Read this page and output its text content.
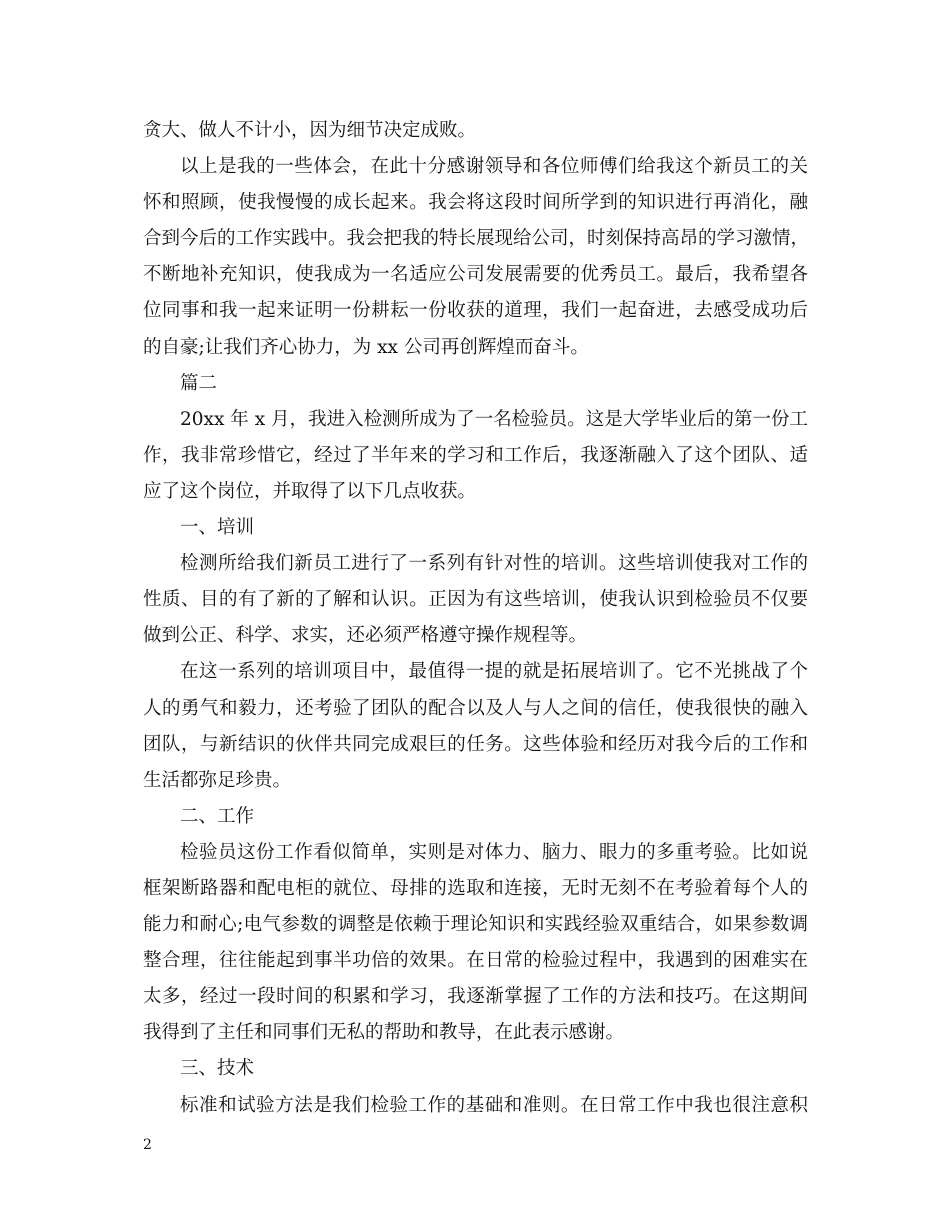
贪大、做人不计小，因为细节决定成败。
以上是我的一些体会，在此十分感谢领导和各位师傅们给我这个新员工的关
怀和照顾，使我慢慢的成长起来。我会将这段时间所学到的知识进行再消化，融
合到今后的工作实践中。我会把我的特长展现给公司，时刻保持高昂的学习激情，
不断地补充知识，使我成为一名适应公司发展需要的优秀员工。最后，我希望各
位同事和我一起来证明一份耕耘一份收获的道理，我们一起奋进，去感受成功后
的自豪;让我们齐心协力，为 xx 公司再创辉煌而奋斗。
篇二
20xx 年 x 月，我进入检测所成为了一名检验员。这是大学毕业后的第一份工
作，我非常珍惜它，经过了半年来的学习和工作后，我逐渐融入了这个团队、适
应了这个岗位，并取得了以下几点收获。
一、培训
检测所给我们新员工进行了一系列有针对性的培训。这些培训使我对工作的
性质、目的有了新的了解和认识。正因为有这些培训，使我认识到检验员不仅要
做到公正、科学、求实，还必须严格遵守操作规程等。
在这一系列的培训项目中，最值得一提的就是拓展培训了。它不光挑战了个
人的勇气和毅力，还考验了团队的配合以及人与人之间的信任，使我很快的融入
团队，与新结识的伙伴共同完成艰巨的任务。这些体验和经历对我今后的工作和
生活都弥足珍贵。
二、工作
检验员这份工作看似简单，实则是对体力、脑力、眼力的多重考验。比如说
框架断路器和配电柜的就位、母排的选取和连接，无时无刻不在考验着每个人的
能力和耐心;电气参数的调整是依赖于理论知识和实践经验双重结合，如果参数调
整合理，往往能起到事半功倍的效果。在日常的检验过程中，我遇到的困难实在
太多，经过一段时间的积累和学习，我逐渐掌握了工作的方法和技巧。在这期间
我得到了主任和同事们无私的帮助和教导，在此表示感谢。
三、技术
标准和试验方法是我们检验工作的基础和准则。在日常工作中我也很注意积
2
